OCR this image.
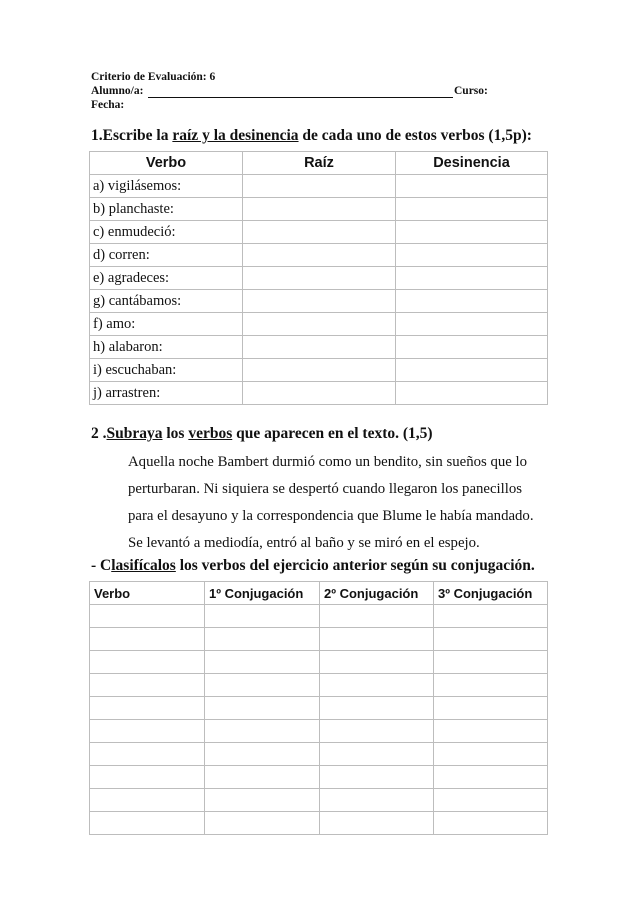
Criterio de Evaluación: 6
Alumno/a:	Curso:
Fecha:
1.Escribe la raíz y la desinencia de cada uno de estos verbos (1,5p):
Verbo	Raíz	Desinencia
a) vigilásemos:		
b) planchaste:		
c) enmudeció:		
d) corren:		
e) agradeces:		
g) cantábamos:		
f) amo:		
h) alabaron:		
i) escuchaban:		
j) arrastren:		
2 .Subraya los verbos que aparecen en el texto. (1,5)
Aquella noche Bambert durmió como un bendito, sin sueños que lo
perturbaran. Ni siquiera se despertó cuando llegaron los panecillos
para el desayuno y la correspondencia que Blume le había mandado.
Se levantó a mediodía, entró al baño y se miró en el espejo.
- Clasifícalos los verbos del ejercicio anterior según su conjugación.
Verbo	1º Conjugación	2º Conjugación	3º Conjugación
